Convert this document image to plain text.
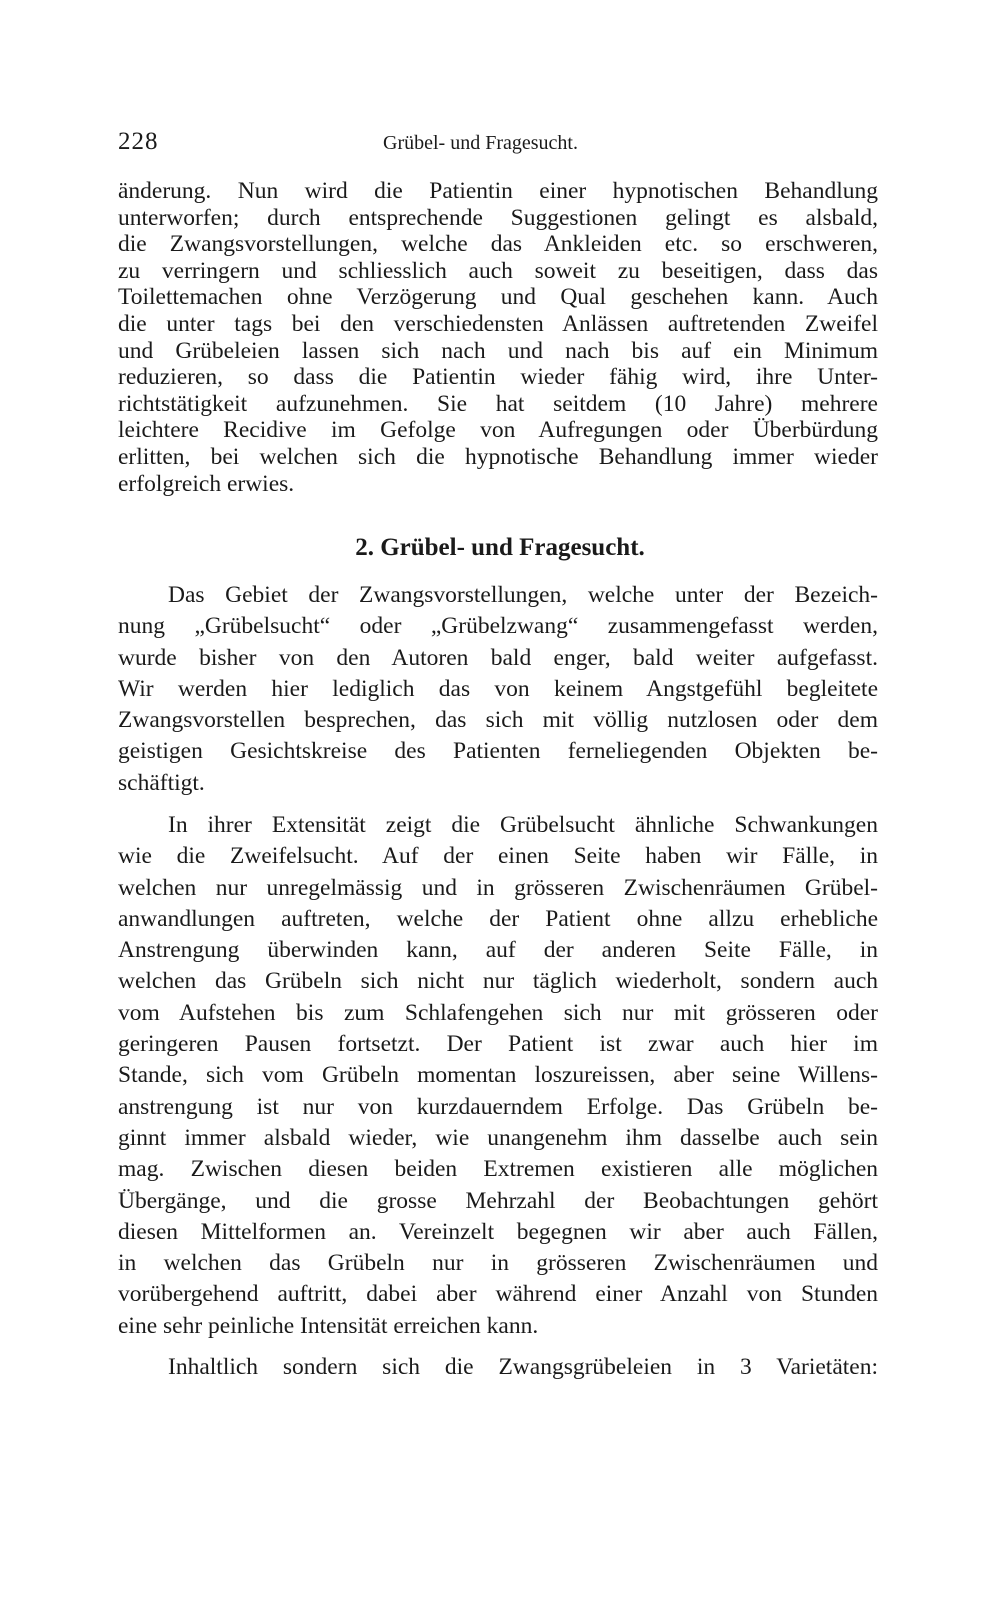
228	Grübel- und Fragesucht.
änderung. Nun wird die Patientin einer hypnotischen Behandlung
unterworfen; durch entsprechende Suggestionen gelingt es alsbald,
die Zwangsvorstellungen, welche das Ankleiden etc. so erschweren,
zu verringern und schliesslich auch soweit zu beseitigen, dass das
Toilettemachen ohne Verzögerung und Qual geschehen kann. Auch
die unter tags bei den verschiedensten Anlässen auftretenden Zweifel
und Grübeleien lassen sich nach und nach bis auf ein Minimum
reduzieren, so dass die Patientin wieder fähig wird, ihre Unter-
richtstätigkeit aufzunehmen. Sie hat seitdem (10 Jahre) mehrere
leichtere Recidive im Gefolge von Aufregungen oder Überbürdung
erlitten, bei welchen sich die hypnotische Behandlung immer wieder
erfolgreich erwies.
2. Grübel- und Fragesucht.
Das Gebiet der Zwangsvorstellungen, welche unter der Bezeich-
nung „Grübelsucht“ oder „Grübelzwang“ zusammengefasst werden,
wurde bisher von den Autoren bald enger, bald weiter aufgefasst.
Wir werden hier lediglich das von keinem Angstgefühl begleitete
Zwangsvorstellen besprechen, das sich mit völlig nutzlosen oder dem
geistigen Gesichtskreise des Patienten ferneliegenden Objekten be-
schäftigt.
In ihrer Extensität zeigt die Grübelsucht ähnliche Schwankungen
wie die Zweifelsucht. Auf der einen Seite haben wir Fälle, in
welchen nur unregelmässig und in grösseren Zwischenräumen Grübel-
anwandlungen auftreten, welche der Patient ohne allzu erhebliche
Anstrengung überwinden kann, auf der anderen Seite Fälle, in
welchen das Grübeln sich nicht nur täglich wiederholt, sondern auch
vom Aufstehen bis zum Schlafengehen sich nur mit grösseren oder
geringeren Pausen fortsetzt. Der Patient ist zwar auch hier im
Stande, sich vom Grübeln momentan loszureissen, aber seine Willens-
anstrengung ist nur von kurzdauerndem Erfolge. Das Grübeln be-
ginnt immer alsbald wieder, wie unangenehm ihm dasselbe auch sein
mag. Zwischen diesen beiden Extremen existieren alle möglichen
Übergänge, und die grosse Mehrzahl der Beobachtungen gehört
diesen Mittelformen an. Vereinzelt begegnen wir aber auch Fällen,
in welchen das Grübeln nur in grösseren Zwischenräumen und
vorübergehend auftritt, dabei aber während einer Anzahl von Stunden
eine sehr peinliche Intensität erreichen kann.
Inhaltlich sondern sich die Zwangsgrübeleien in 3 Varietäten:
